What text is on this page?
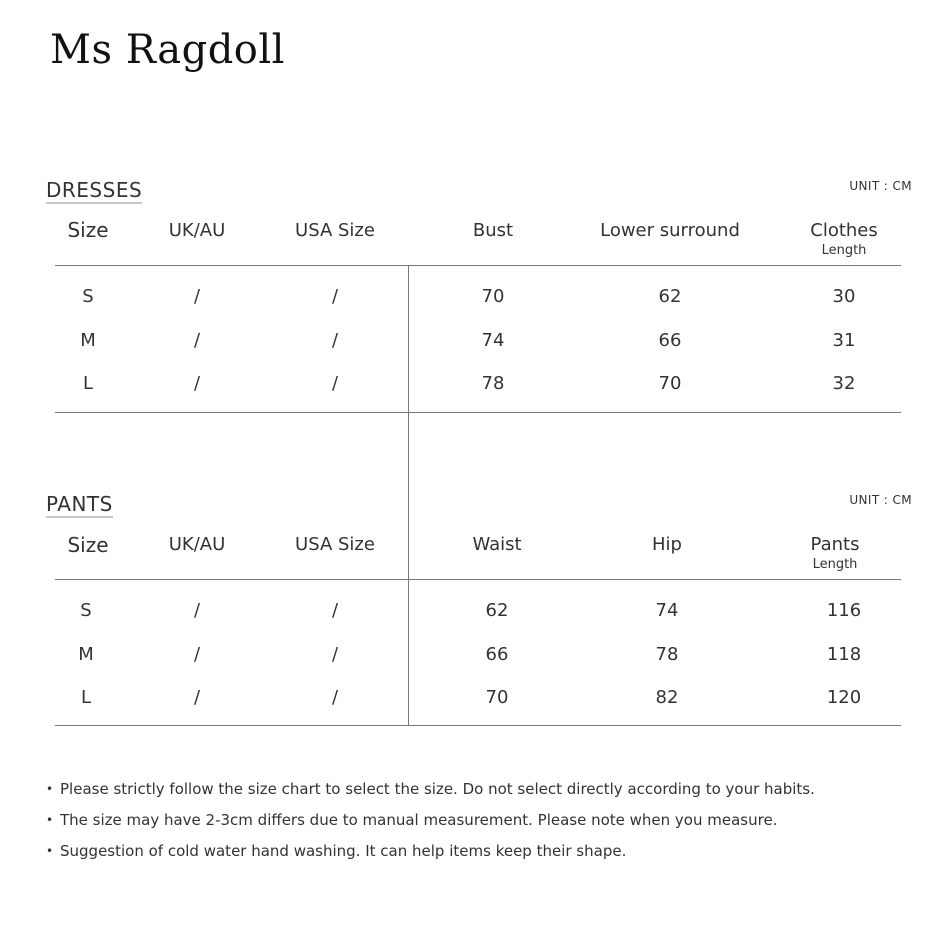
Ms Ragdoll
DRESSES	UNIT : CM
Size	UK/AU	USA Size	Bust	Lower surround	Clothes
Length
S	/	/	70	62	30
M	/	/	74	66	31
L	/	/	78	70	32
PANTS	UNIT : CM
Size	UK/AU	USA Size	Waist	Hip	Pants
Length
S	/	/	62	74	116
M	/	/	66	78	118
L	/	/	70	82	120
• Please strictly follow the size chart to select the size. Do not select directly according to your habits.
• The size may have 2-3cm differs due to manual measurement. Please note when you measure.
• Suggestion of cold water hand washing. It can help items keep their shape.
